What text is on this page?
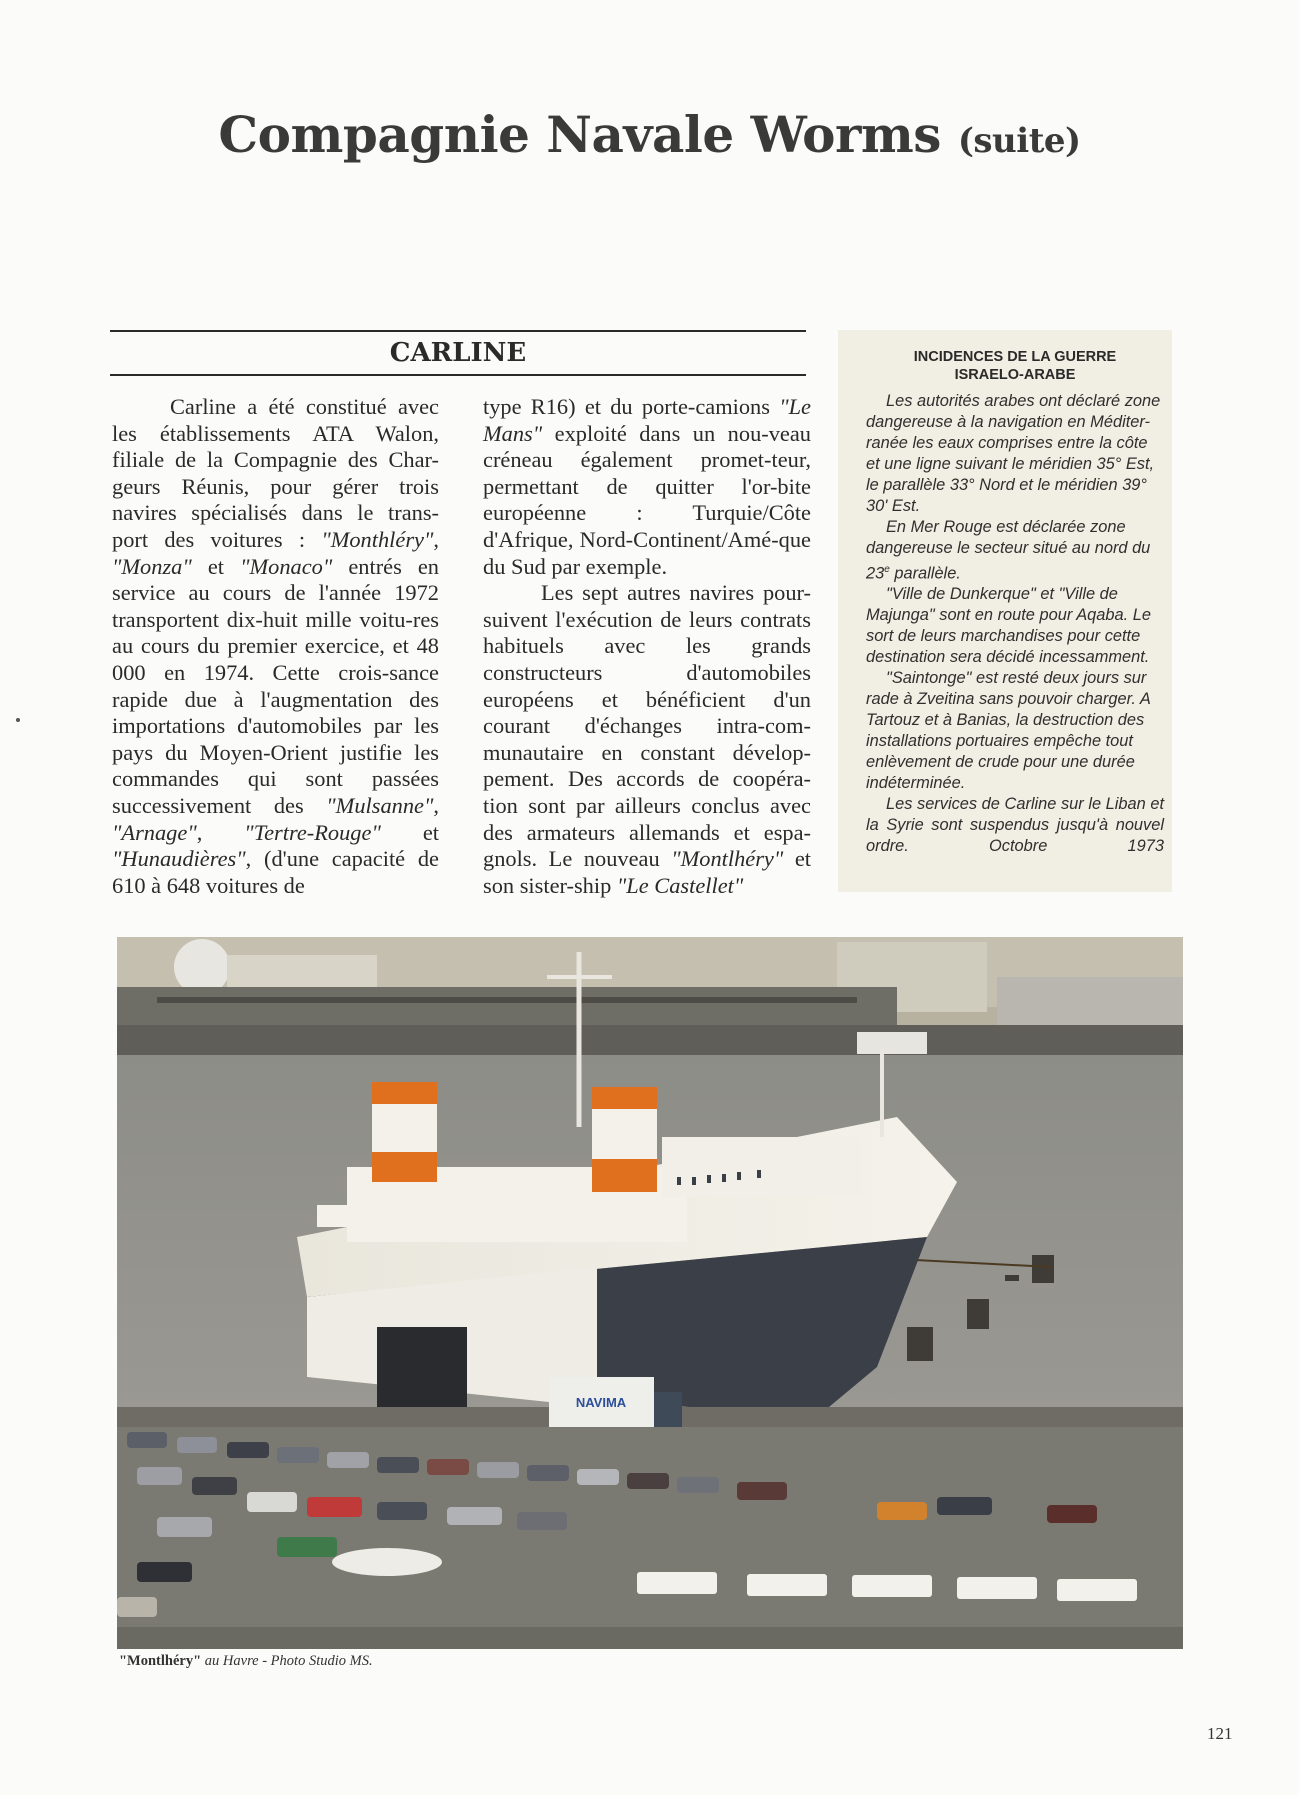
Compagnie Navale Worms (suite)
CARLINE

Carline a été constitué avec les établissements ATA Walon, filiale de la Compagnie des Char-geurs Réunis, pour gérer trois navires spécialisés dans le trans-port des voitures : "Monthléry", "Monza" et "Monaco" entrés en service au cours de l'année 1972 transportent dix-huit mille voitu-res au cours du premier exercice, et 48 000 en 1974. Cette crois-sance rapide due à l'augmentation des importations d'automobiles par les pays du Moyen-Orient justifie les commandes qui sont passées successivement des "Mulsanne", "Arnage", "Tertre-Rouge" et "Hunaudières", (d'une capacité de 610 à 648 voitures de

type R16) et du porte-camions "Le Mans" exploité dans un nou-veau créneau également promet-teur, permettant de quitter l'or-bite européenne : Turquie/Côte d'Afrique, Nord-Continent/Amé-que du Sud par exemple.

Les sept autres navires pour-suivent l'exécution de leurs contrats habituels avec les grands constructeurs d'automobiles européens et bénéficient d'un courant d'échanges intra-com-munautaire en constant dévelop-pement. Des accords de coopéra-tion sont par ailleurs conclus avec des armateurs allemands et espa-gnols. Le nouveau "Montlhéry" et son sister-ship "Le Castellet"

INCIDENCES DE LA GUERRE
ISRAELO-ARABE

Les autorités arabes ont déclaré zone dangereuse à la navigation en Méditer-ranée les eaux comprises entre la côte et une ligne suivant le méridien 35° Est, le parallèle 33° Nord et le méridien 39° 30' Est.

En Mer Rouge est déclarée zone dangereuse le secteur situé au nord du 23e parallèle.

"Ville de Dunkerque" et "Ville de Majunga" sont en route pour Aqaba. Le sort de leurs marchandises pour cette destination sera décidé incessamment.

"Saintonge" est resté deux jours sur rade à Zveitina sans pouvoir charger. A Tartouz et à Banias, la destruction des installations portuaires empêche tout enlèvement de crude pour une durée indéterminée.

Les services de Carline sur le Liban et la Syrie sont suspendus jusqu'à nouvel ordre.	Octobre 1973

NAVIMA
"Montlhéry" au Havre - Photo Studio MS.
121
